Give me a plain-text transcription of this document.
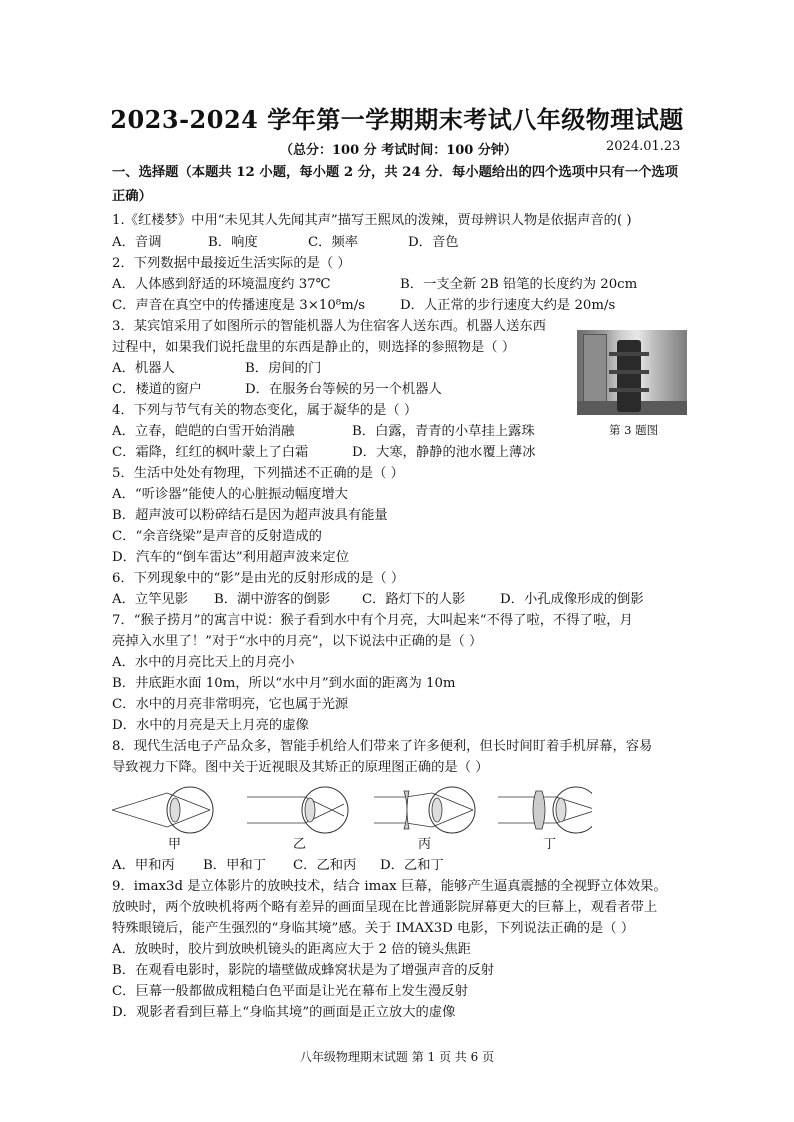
2023-2024 学年第一学期期末考试八年级物理试题
（总分：100 分 考试时间：100 分钟）	2024.01.23
一、选择题（本题共 12 小题，每小题 2 分，共 24 分．每小题给出的四个选项中只有一个选项
正确）
1.《红楼梦》中用“未见其人先闻其声”描写王熙凤的泼辣，贾母辨识人物是依据声音的( )
A．音调	B．响度	C．频率	D．音色
2．下列数据中最接近生活实际的是（ ）
A．人体感到舒适的环境温度约 37℃	B．一支全新 2B 铅笔的长度约为 20cm
C．声音在真空中的传播速度是 3×10⁸m/s	D．人正常的步行速度大约是 20m/s
3．某宾馆采用了如图所示的智能机器人为住宿客人送东西。机器人送东西
过程中，如果我们说托盘里的东西是静止的，则选择的参照物是（ ）
A．机器人	B．房间的门
C．楼道的窗户	D．在服务台等候的另一个机器人
第 3 题图
4．下列与节气有关的物态变化，属于凝华的是（ ）
A．立春，皑皑的白雪开始消融	B．白露，青青的小草挂上露珠
C．霜降，红红的枫叶蒙上了白霜	D．大寒，静静的池水覆上薄冰
5．生活中处处有物理，下列描述不正确的是（ ）
A．“听诊器”能使人的心脏振动幅度增大
B．超声波可以粉碎结石是因为超声波具有能量
C．“余音绕梁”是声音的反射造成的
D．汽车的“倒车雷达”利用超声波来定位
6．下列现象中的“影”是由光的反射形成的是（ ）
A．立竿见影 B．湖中游客的倒影 C．路灯下的人影	D．小孔成像形成的倒影
7．“猴子捞月”的寓言中说：猴子看到水中有个月亮，大叫起来“不得了啦，不得了啦，月
亮掉入水里了！”对于“水中的月亮”，以下说法中正确的是（ ）
A．水中的月亮比天上的月亮小
B．井底距水面 10m，所以“水中月”到水面的距离为 10m
C．水中的月亮非常明亮，它也属于光源
D．水中的月亮是天上月亮的虚像
8．现代生活电子产品众多，智能手机给人们带来了许多便利，但长时间盯着手机屏幕，容易
导致视力下降。图中关于近视眼及其矫正的原理图正确的是（ ）
甲	乙	丙	丁
A．甲和丙 B．甲和丁 C．乙和丙 D．乙和丁
9．imax3d 是立体影片的放映技术，结合 imax 巨幕，能够产生逼真震撼的全视野立体效果。
放映时，两个放映机将两个略有差异的画面呈现在比普通影院屏幕更大的巨幕上，观看者带上
特殊眼镜后，能产生强烈的“身临其境”感。关于 IMAX3D 电影，下列说法正确的是（ ）
A．放映时，胶片到放映机镜头的距离应大于 2 倍的镜头焦距
B．在观看电影时，影院的墙壁做成蜂窝状是为了增强声音的反射
C．巨幕一般都做成粗糙白色平面是让光在幕布上发生漫反射
D．观影者看到巨幕上“身临其境”的画面是正立放大的虚像
八年级物理期末试题 第 1 页 共 6 页
